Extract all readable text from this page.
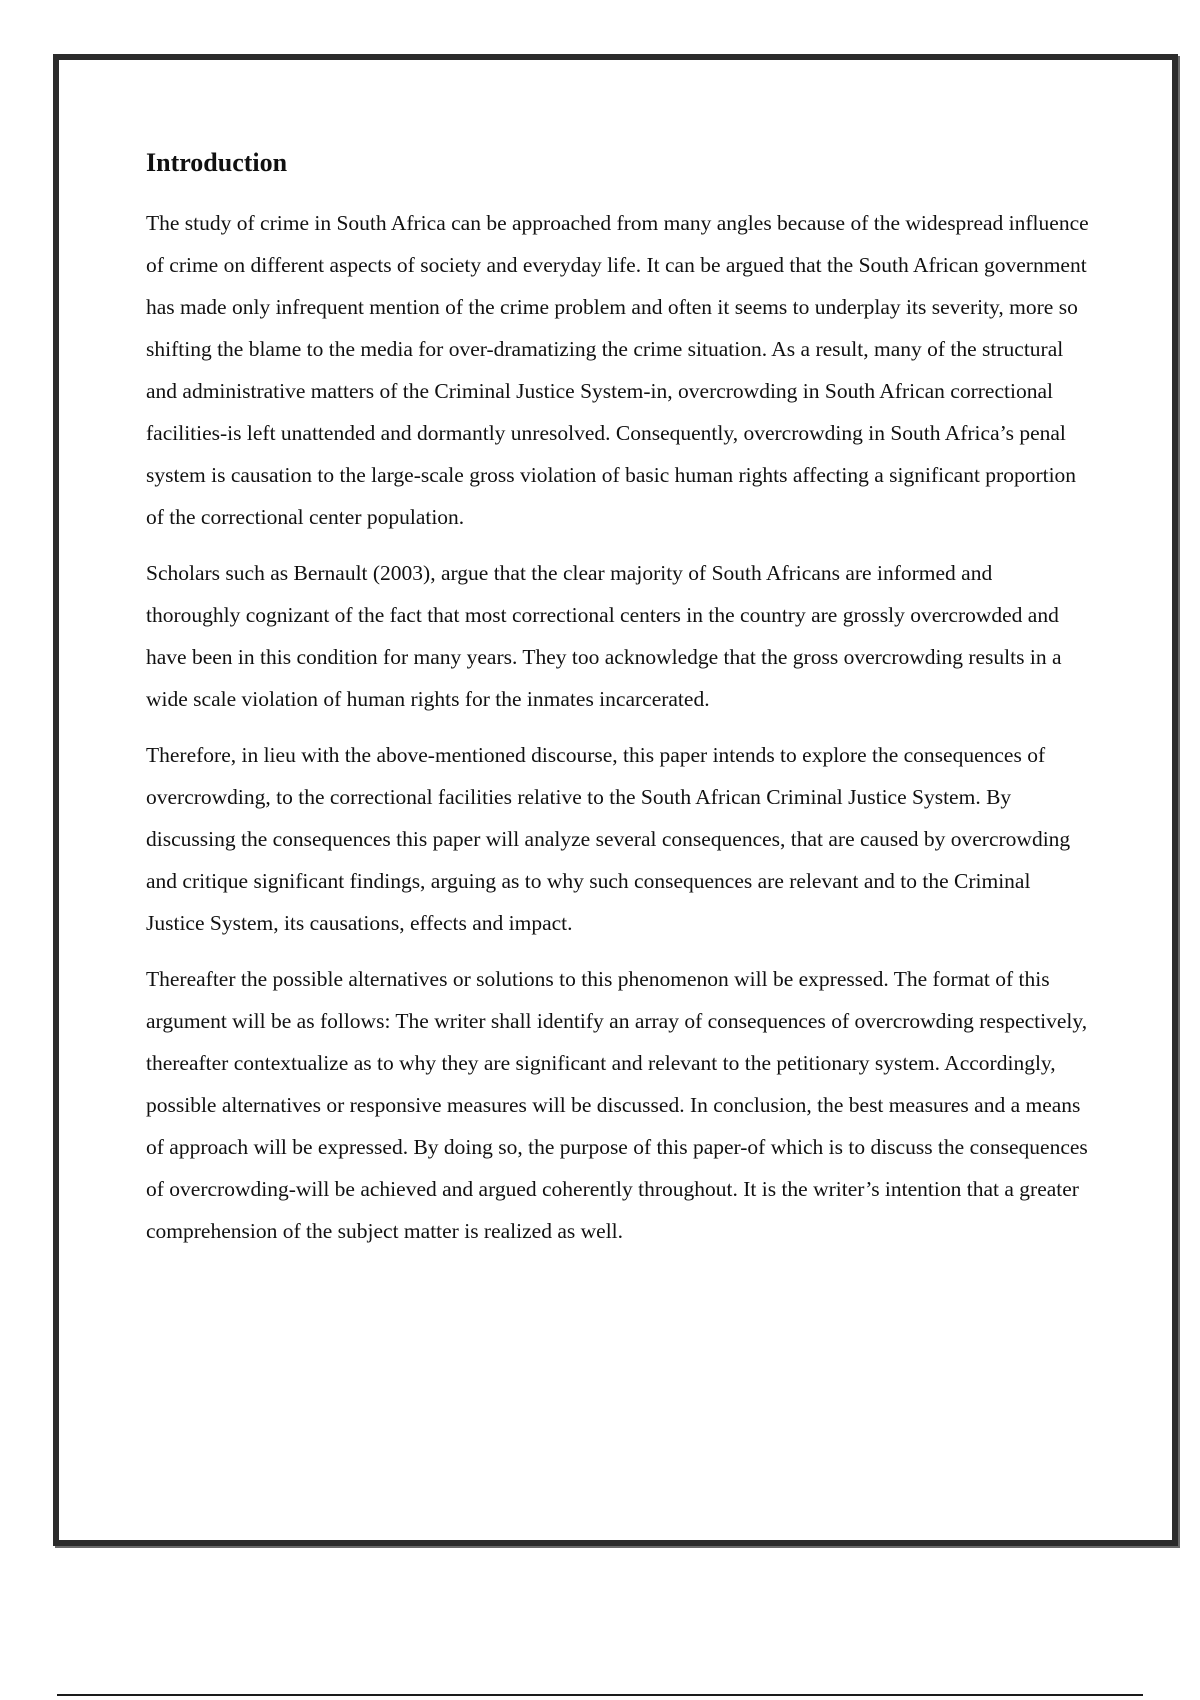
Introduction

The study of crime in South Africa can be approached from many angles because of the widespread influence of crime on different aspects of society and everyday life. It can be argued that the South African government has made only infrequent mention of the crime problem and often it seems to underplay its severity, more so shifting the blame to the media for over-dramatizing the crime situation. As a result, many of the structural and administrative matters of the Criminal Justice System-in, overcrowding in South African correctional facilities-is left unattended and dormantly unresolved. Consequently, overcrowding in South Africa’s penal system is causation to the large-scale gross violation of basic human rights affecting a significant proportion of the correctional center population.

Scholars such as Bernault (2003), argue that the clear majority of South Africans are informed and thoroughly cognizant of the fact that most correctional centers in the country are grossly overcrowded and have been in this condition for many years. They too acknowledge that the gross overcrowding results in a wide scale violation of human rights for the inmates incarcerated.

Therefore, in lieu with the above-mentioned discourse, this paper intends to explore the consequences of overcrowding, to the correctional facilities relative to the South African Criminal Justice System. By discussing the consequences this paper will analyze several consequences, that are caused by overcrowding and critique significant findings, arguing as to why such consequences are relevant and to the Criminal Justice System, its causations, effects and impact.

Thereafter the possible alternatives or solutions to this phenomenon will be expressed. The format of this argument will be as follows: The writer shall identify an array of consequences of overcrowding respectively, thereafter contextualize as to why they are significant and relevant to the petitionary system. Accordingly, possible alternatives or responsive measures will be discussed. In conclusion, the best measures and a means of approach will be expressed. By doing so, the purpose of this paper-of which is to discuss the consequences of overcrowding-will be achieved and argued coherently throughout. It is the writer’s intention that a greater comprehension of the subject matter is realized as well.
